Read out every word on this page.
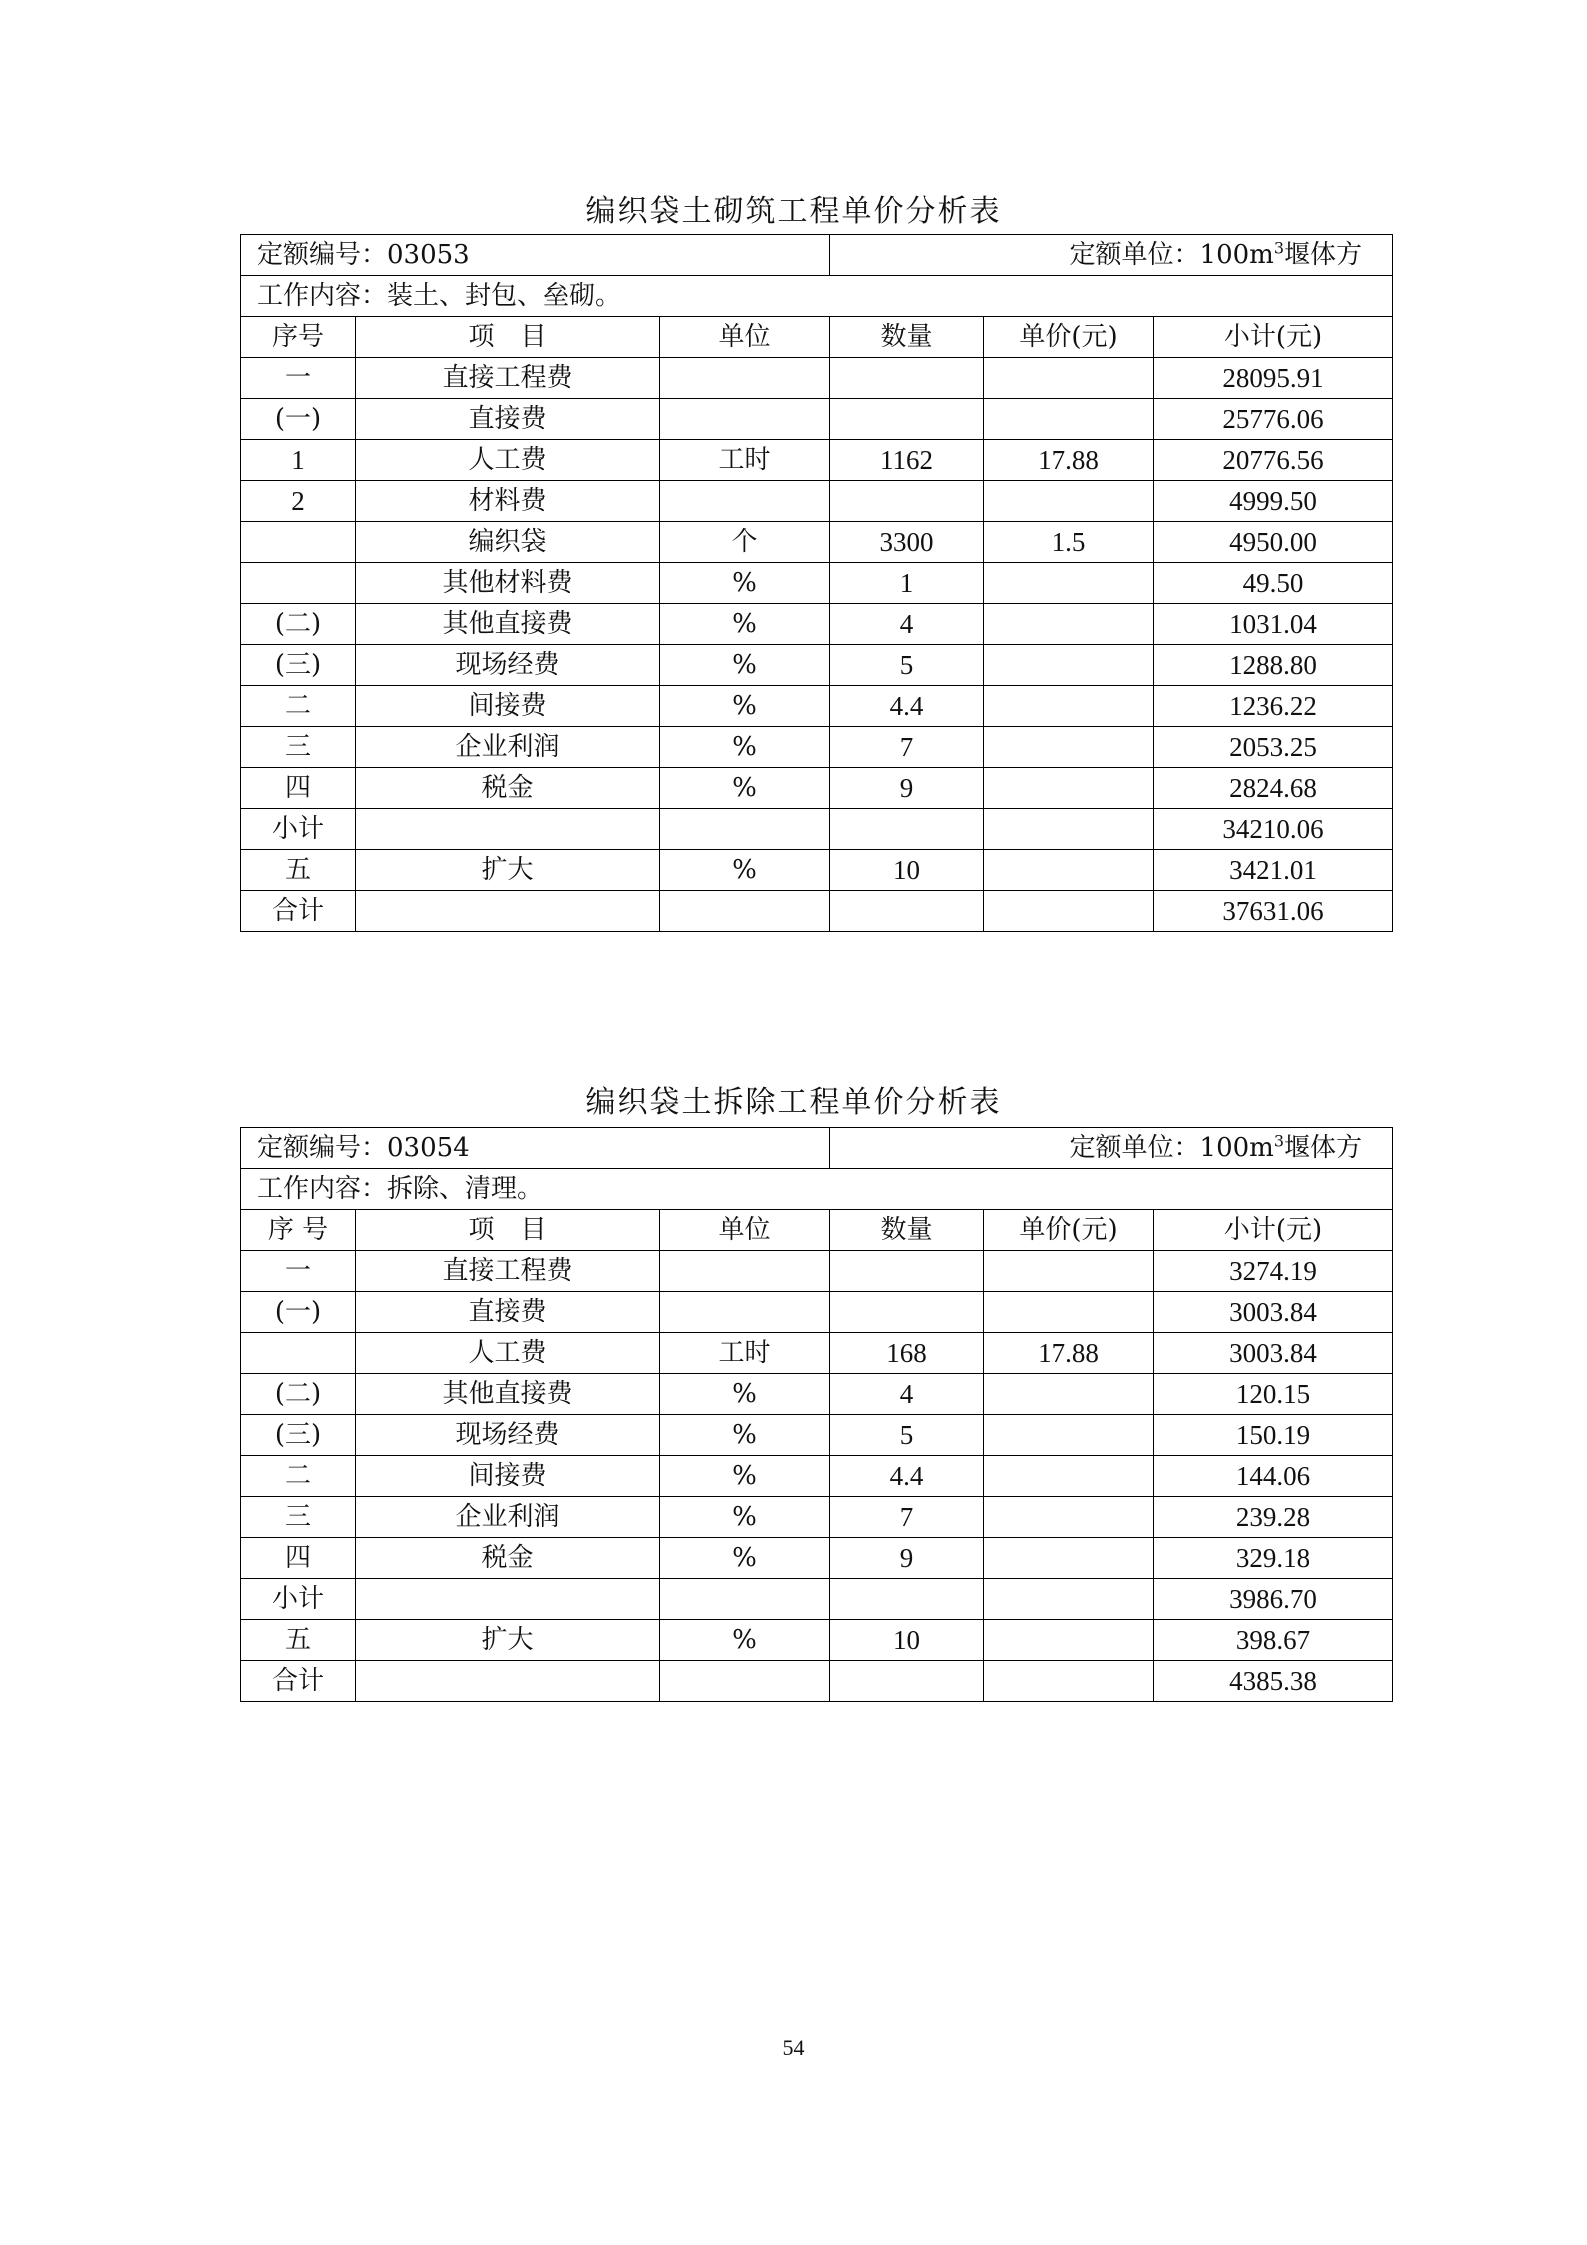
编织袋土砌筑工程单价分析表
定额编号：03053			定额单位：$100m^3$堰体方		
工作内容：装土、封包、垒砌。					
序号	项　目	单位	数量	单价(元)	小计(元)
一	直接工程费				28095.91
(一)	直接费				25776.06
1	人工费	工时	1162	17.88	20776.56
2	材料费				4999.50
	编织袋	个	3300	1.5	4950.00
	其他材料费	%	1		49.50
(二)	其他直接费	%	4		1031.04
(三)	现场经费	%	5		1288.80
二	间接费	%	4.4		1236.22
三	企业利润	%	7		2053.25
四	税金	%	9		2824.68
小计					34210.06
五	扩大	%	10		3421.01
合计					37631.06
编织袋土拆除工程单价分析表
定额编号：03054			定额单位：$100m^3$堰体方		
工作内容：拆除、清理。					
序 号	项　目	单位	数量	单价(元)	小计(元)
一	直接工程费				3274.19
(一)	直接费				3003.84
	人工费	工时	168	17.88	3003.84
(二)	其他直接费	%	4		120.15
(三)	现场经费	%	5		150.19
二	间接费	%	4.4		144.06
三	企业利润	%	7		239.28
四	税金	%	9		329.18
小计					3986.70
五	扩大	%	10		398.67
合计					4385.38
54
